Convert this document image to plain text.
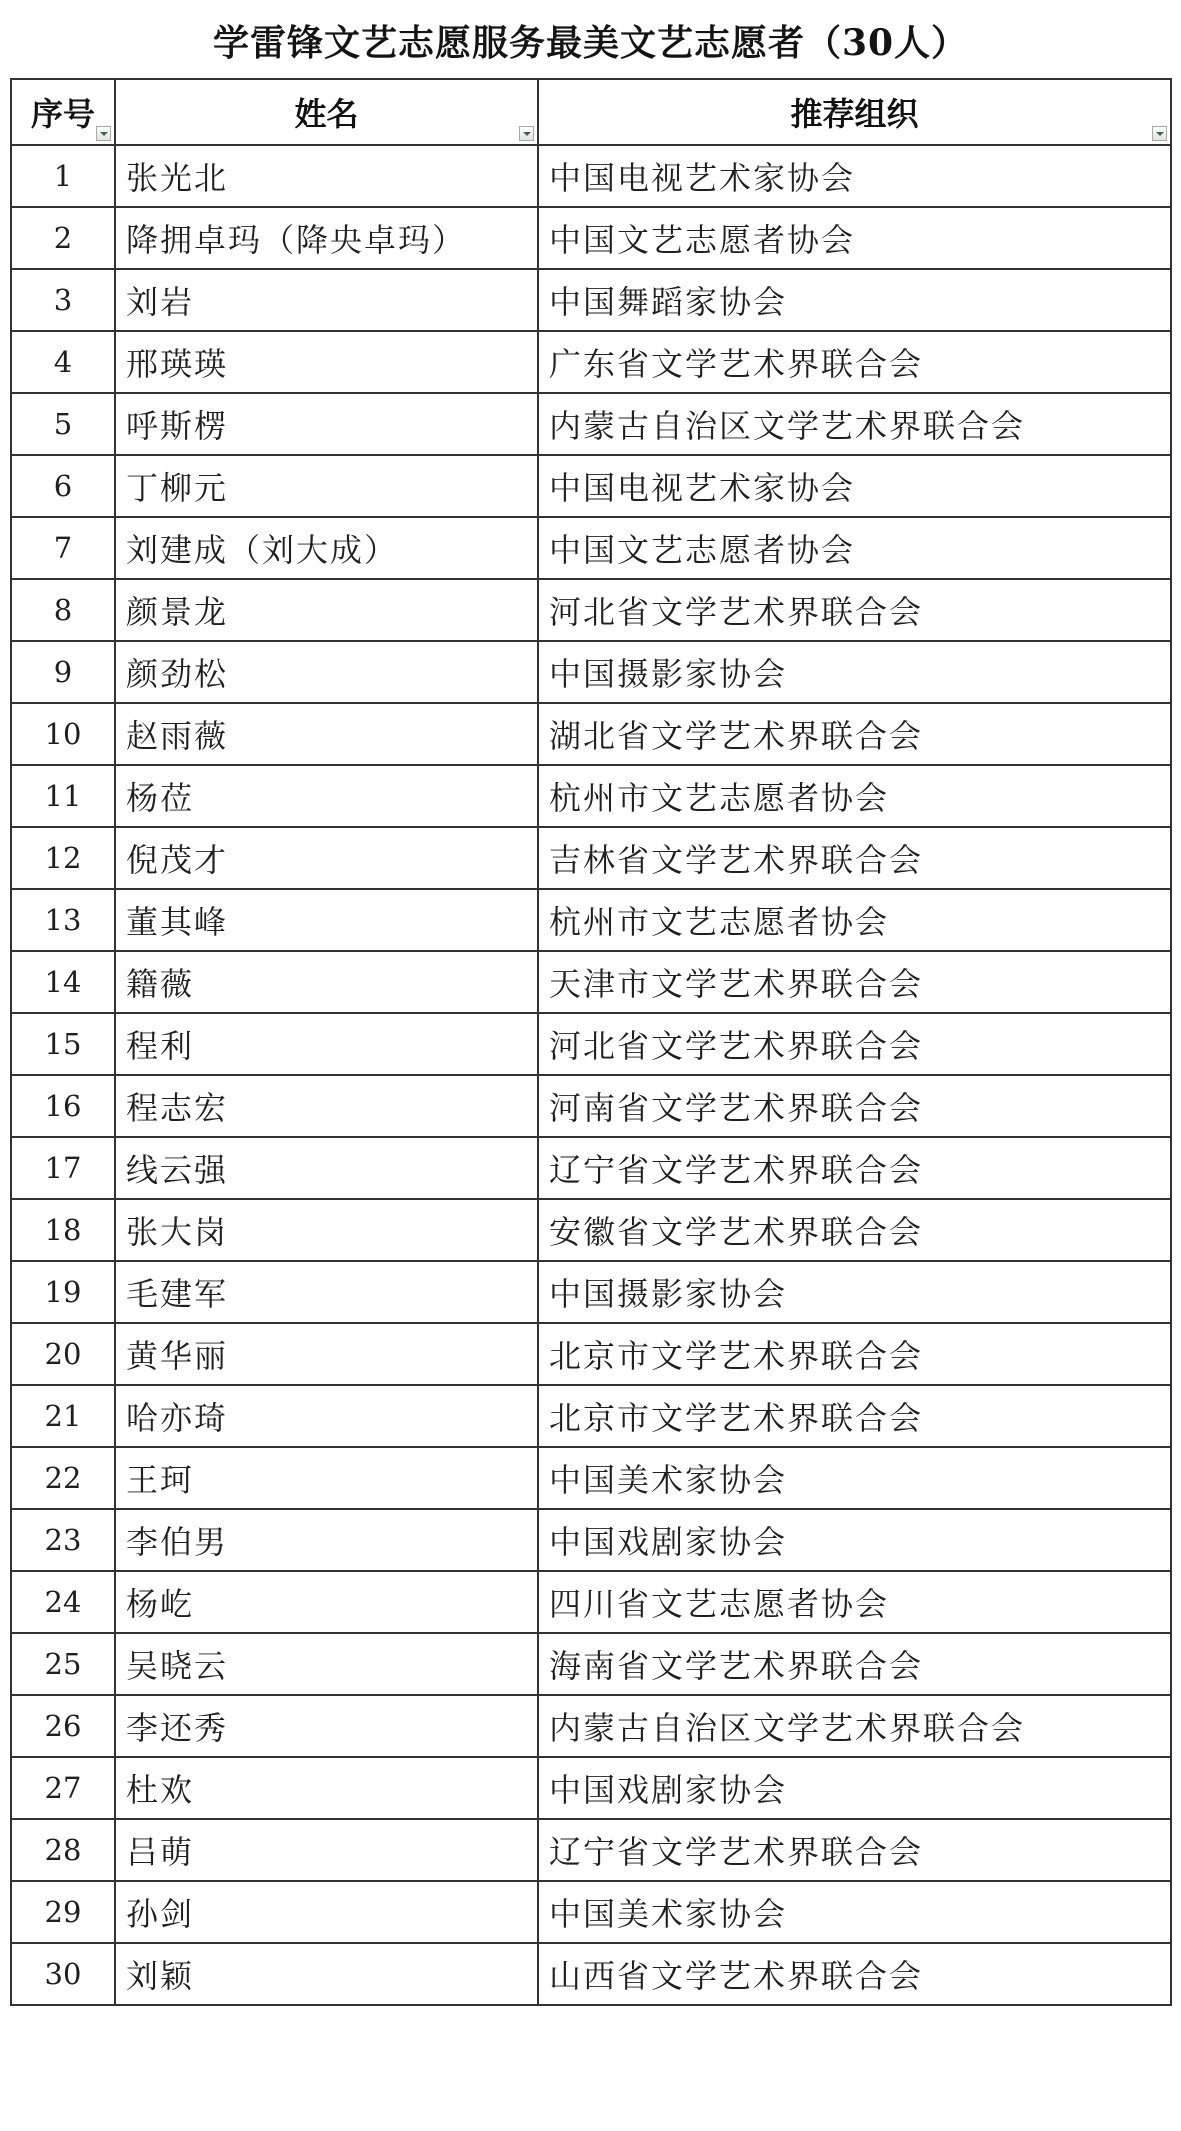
学雷锋文艺志愿服务最美文艺志愿者（30人）
序号	姓名	推荐组织

1	张光北	中国电视艺术家协会
2	降拥卓玛（降央卓玛）	中国文艺志愿者协会
3	刘岩	中国舞蹈家协会
4	邢瑛瑛	广东省文学艺术界联合会
5	呼斯楞	内蒙古自治区文学艺术界联合会
6	丁柳元	中国电视艺术家协会
7	刘建成（刘大成）	中国文艺志愿者协会
8	颜景龙	河北省文学艺术界联合会
9	颜劲松	中国摄影家协会
10	赵雨薇	湖北省文学艺术界联合会
11	杨莅	杭州市文艺志愿者协会
12	倪茂才	吉林省文学艺术界联合会
13	董其峰	杭州市文艺志愿者协会
14	籍薇	天津市文学艺术界联合会
15	程利	河北省文学艺术界联合会
16	程志宏	河南省文学艺术界联合会
17	线云强	辽宁省文学艺术界联合会
18	张大岗	安徽省文学艺术界联合会
19	毛建军	中国摄影家协会
20	黄华丽	北京市文学艺术界联合会
21	哈亦琦	北京市文学艺术界联合会
22	王珂	中国美术家协会
23	李伯男	中国戏剧家协会
24	杨屹	四川省文艺志愿者协会
25	吴晓云	海南省文学艺术界联合会
26	李还秀	内蒙古自治区文学艺术界联合会
27	杜欢	中国戏剧家协会
28	吕萌	辽宁省文学艺术界联合会
29	孙剑	中国美术家协会
30	刘颖	山西省文学艺术界联合会
